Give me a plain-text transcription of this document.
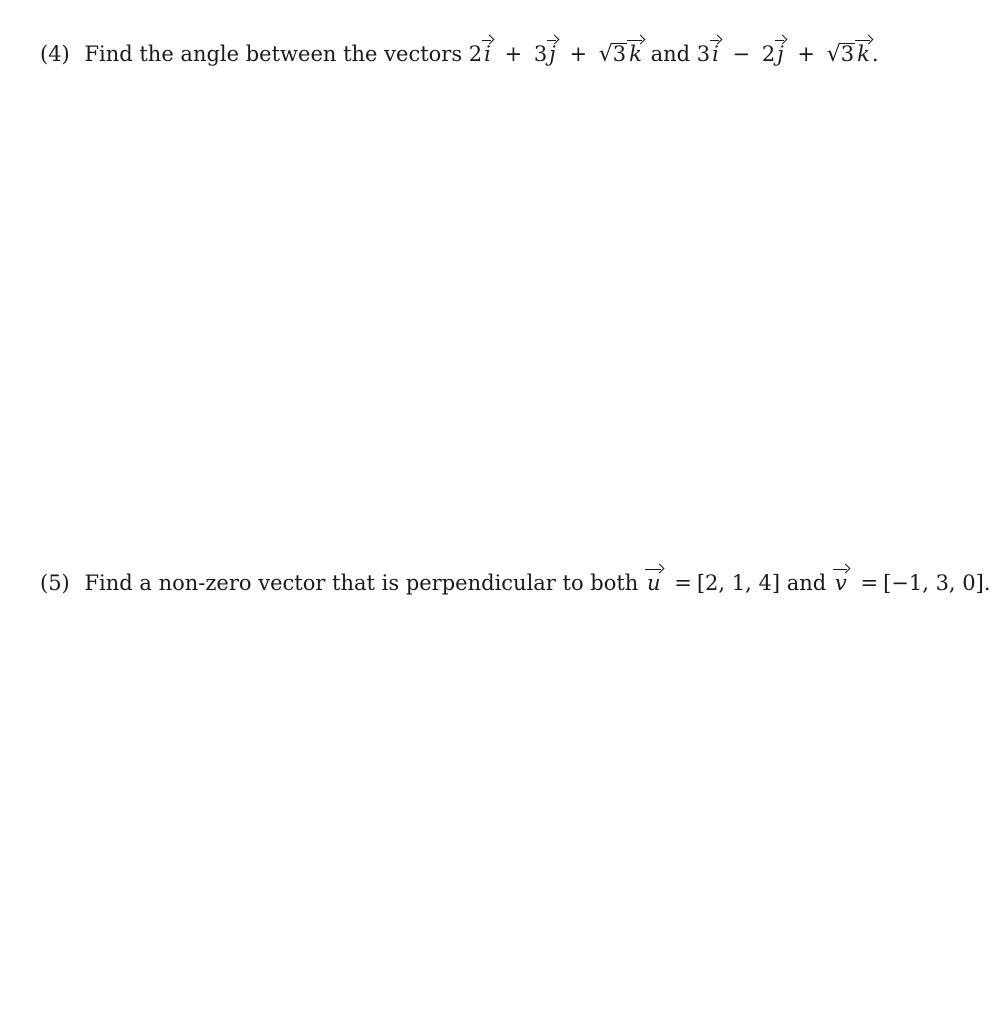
(4) Find the angle between the vectors 2i + 3j + √3 k and 3i − 2j + √3 k.
(5) Find a non-zero vector that is perpendicular to both u = [2, 1, 4] and v = [−1, 3, 0].
